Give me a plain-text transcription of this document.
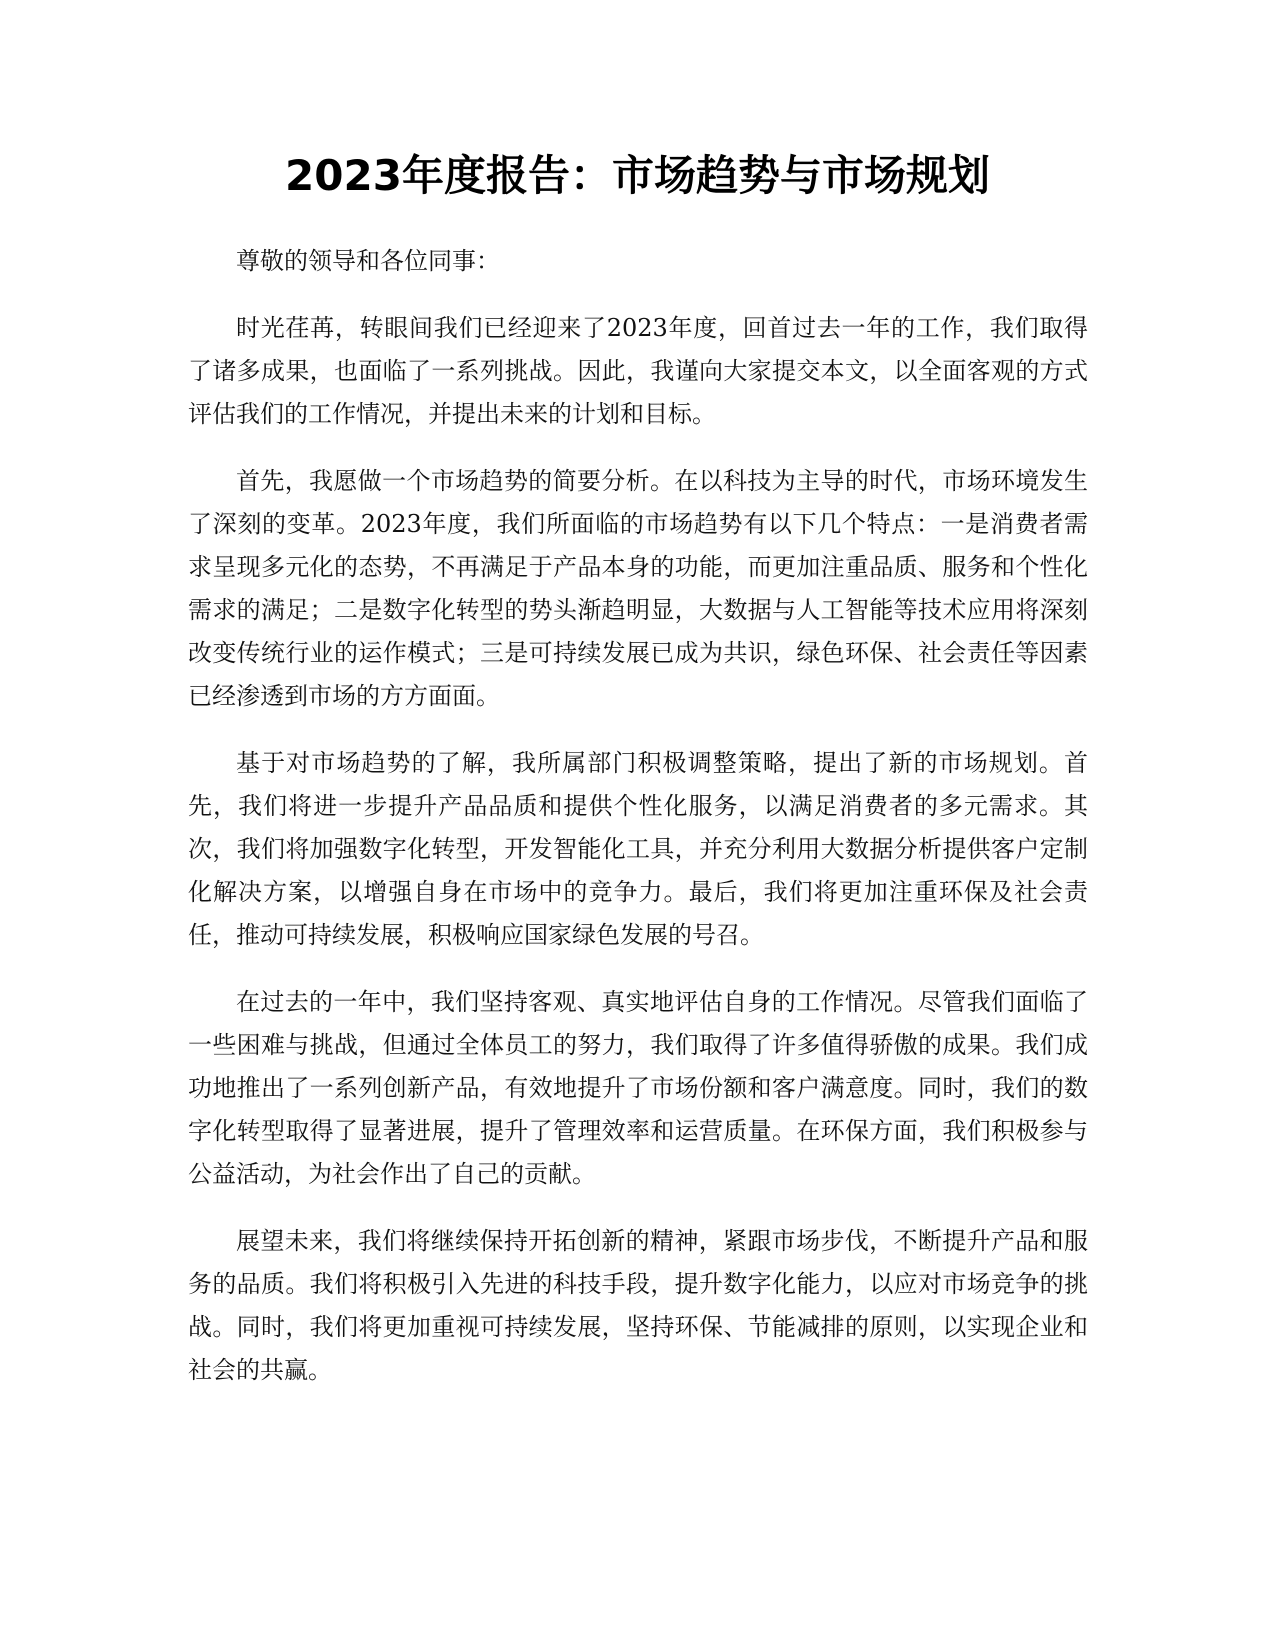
2023年度报告：市场趋势与市场规划

尊敬的领导和各位同事：

时光荏苒，转眼间我们已经迎来了2023年度，回首过去一年的工作，我们取得了诸多成果，也面临了一系列挑战。因此，我谨向大家提交本文，以全面客观的方式评估我们的工作情况，并提出未来的计划和目标。

首先，我愿做一个市场趋势的简要分析。在以科技为主导的时代，市场环境发生了深刻的变革。2023年度，我们所面临的市场趋势有以下几个特点：一是消费者需求呈现多元化的态势，不再满足于产品本身的功能，而更加注重品质、服务和个性化需求的满足；二是数字化转型的势头渐趋明显，大数据与人工智能等技术应用将深刻改变传统行业的运作模式；三是可持续发展已成为共识，绿色环保、社会责任等因素已经渗透到市场的方方面面。

基于对市场趋势的了解，我所属部门积极调整策略，提出了新的市场规划。首先，我们将进一步提升产品品质和提供个性化服务，以满足消费者的多元需求。其次，我们将加强数字化转型，开发智能化工具，并充分利用大数据分析提供客户定制化解决方案，以增强自身在市场中的竞争力。最后，我们将更加注重环保及社会责任，推动可持续发展，积极响应国家绿色发展的号召。

在过去的一年中，我们坚持客观、真实地评估自身的工作情况。尽管我们面临了一些困难与挑战，但通过全体员工的努力，我们取得了许多值得骄傲的成果。我们成功地推出了一系列创新产品，有效地提升了市场份额和客户满意度。同时，我们的数字化转型取得了显著进展，提升了管理效率和运营质量。在环保方面，我们积极参与公益活动，为社会作出了自己的贡献。

展望未来，我们将继续保持开拓创新的精神，紧跟市场步伐，不断提升产品和服务的品质。我们将积极引入先进的科技手段，提升数字化能力，以应对市场竞争的挑战。同时，我们将更加重视可持续发展，坚持环保、节能减排的原则，以实现企业和社会的共赢。
